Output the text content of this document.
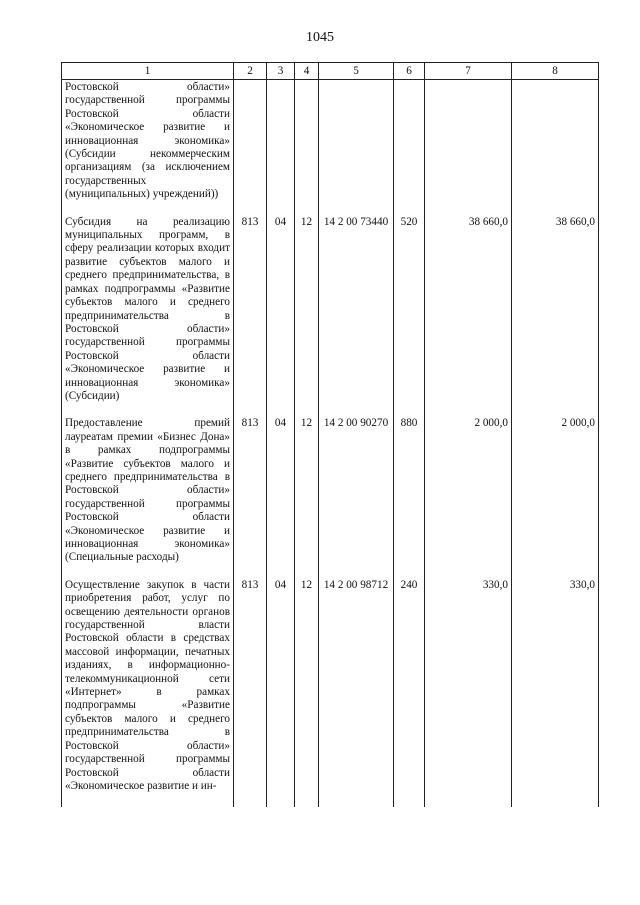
1045
1	2	3	4	5	6	7	8
Ростовской области» государственной программы Ростовской области «Экономическое развитие и инновационная экономика» (Субсидии некоммерческим организациям (за исключением государственных (муниципальных) учреждений))							
Субсидия на реализацию муниципальных программ, в сферу реализации которых входит развитие субъектов малого и среднего предпринимательства, в рамках подпрограммы «Развитие субъектов малого и среднего предпринимательства в Ростовской области» государственной программы Ростовской области «Экономическое развитие и инновационная экономика» (Субсидии)	813	04	12	14 2 00 73440	520	38 660,0	38 660,0
Предоставление премий лауреатам премии «Бизнес Дона» в рамках подпрограммы «Развитие субъектов малого и среднего предпринимательства в Ростовской области» государственной программы Ростовской области «Экономическое развитие и инновационная экономика» (Специальные расходы)	813	04	12	14 2 00 90270	880	2 000,0	2 000,0
Осуществление закупок в части приобретения работ, услуг по освещению деятельности органов государственной власти Ростовской области в средствах массовой информации, печатных изданиях, в информационно-телекоммуникационной сети «Интернет» в рамках подпрограммы «Развитие субъектов малого и среднего предпринимательства в Ростовской области» государственной программы Ростовской области «Экономическое развитие и ин-	813	04	12	14 2 00 98712	240	330,0	330,0
